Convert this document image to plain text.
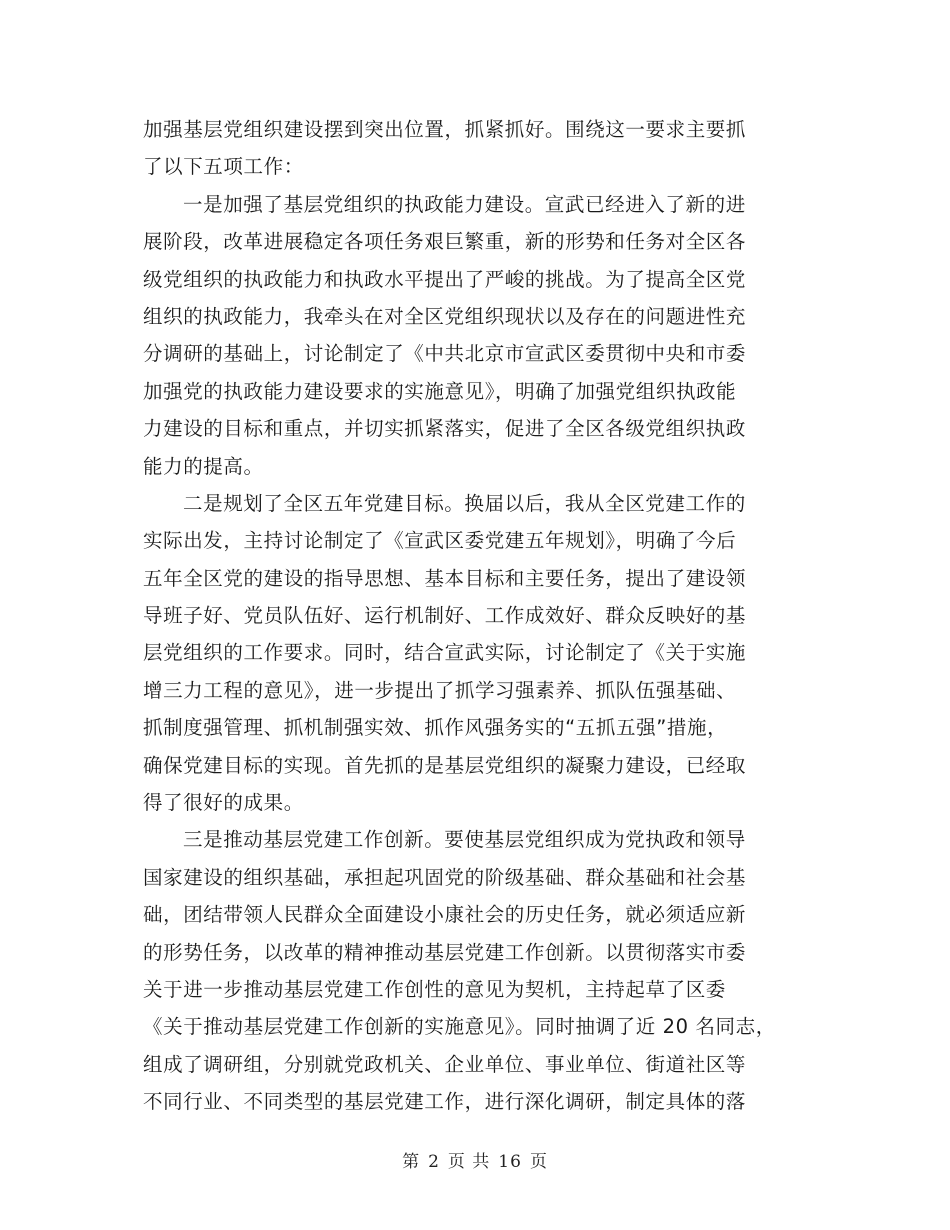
加强基层党组织建设摆到突出位置，抓紧抓好。围绕这一要求主要抓
了以下五项工作：
一是加强了基层党组织的执政能力建设。宣武已经进入了新的进
展阶段，改革进展稳定各项任务艰巨繁重，新的形势和任务对全区各
级党组织的执政能力和执政水平提出了严峻的挑战。为了提高全区党
组织的执政能力，我牵头在对全区党组织现状以及存在的问题进性充
分调研的基础上，讨论制定了《中共北京市宣武区委贯彻中央和市委
加强党的执政能力建设要求的实施意见》，明确了加强党组织执政能
力建设的目标和重点，并切实抓紧落实，促进了全区各级党组织执政
能力的提高。
二是规划了全区五年党建目标。换届以后，我从全区党建工作的
实际出发，主持讨论制定了《宣武区委党建五年规划》，明确了今后
五年全区党的建设的指导思想、基本目标和主要任务，提出了建设领
导班子好、党员队伍好、运行机制好、工作成效好、群众反映好的基
层党组织的工作要求。同时，结合宣武实际，讨论制定了《关于实施
增三力工程的意见》，进一步提出了抓学习强素养、抓队伍强基础、
抓制度强管理、抓机制强实效、抓作风强务实的“五抓五强”措施，
确保党建目标的实现。首先抓的是基层党组织的凝聚力建设，已经取
得了很好的成果。
三是推动基层党建工作创新。要使基层党组织成为党执政和领导
国家建设的组织基础，承担起巩固党的阶级基础、群众基础和社会基
础，团结带领人民群众全面建设小康社会的历史任务，就必须适应新
的形势任务，以改革的精神推动基层党建工作创新。以贯彻落实市委
关于进一步推动基层党建工作创性的意见为契机，主持起草了区委
《关于推动基层党建工作创新的实施意见》。同时抽调了近 20 名同志，
组成了调研组，分别就党政机关、企业单位、事业单位、街道社区等
不同行业、不同类型的基层党建工作，进行深化调研，制定具体的落
第 2 页 共 16 页
